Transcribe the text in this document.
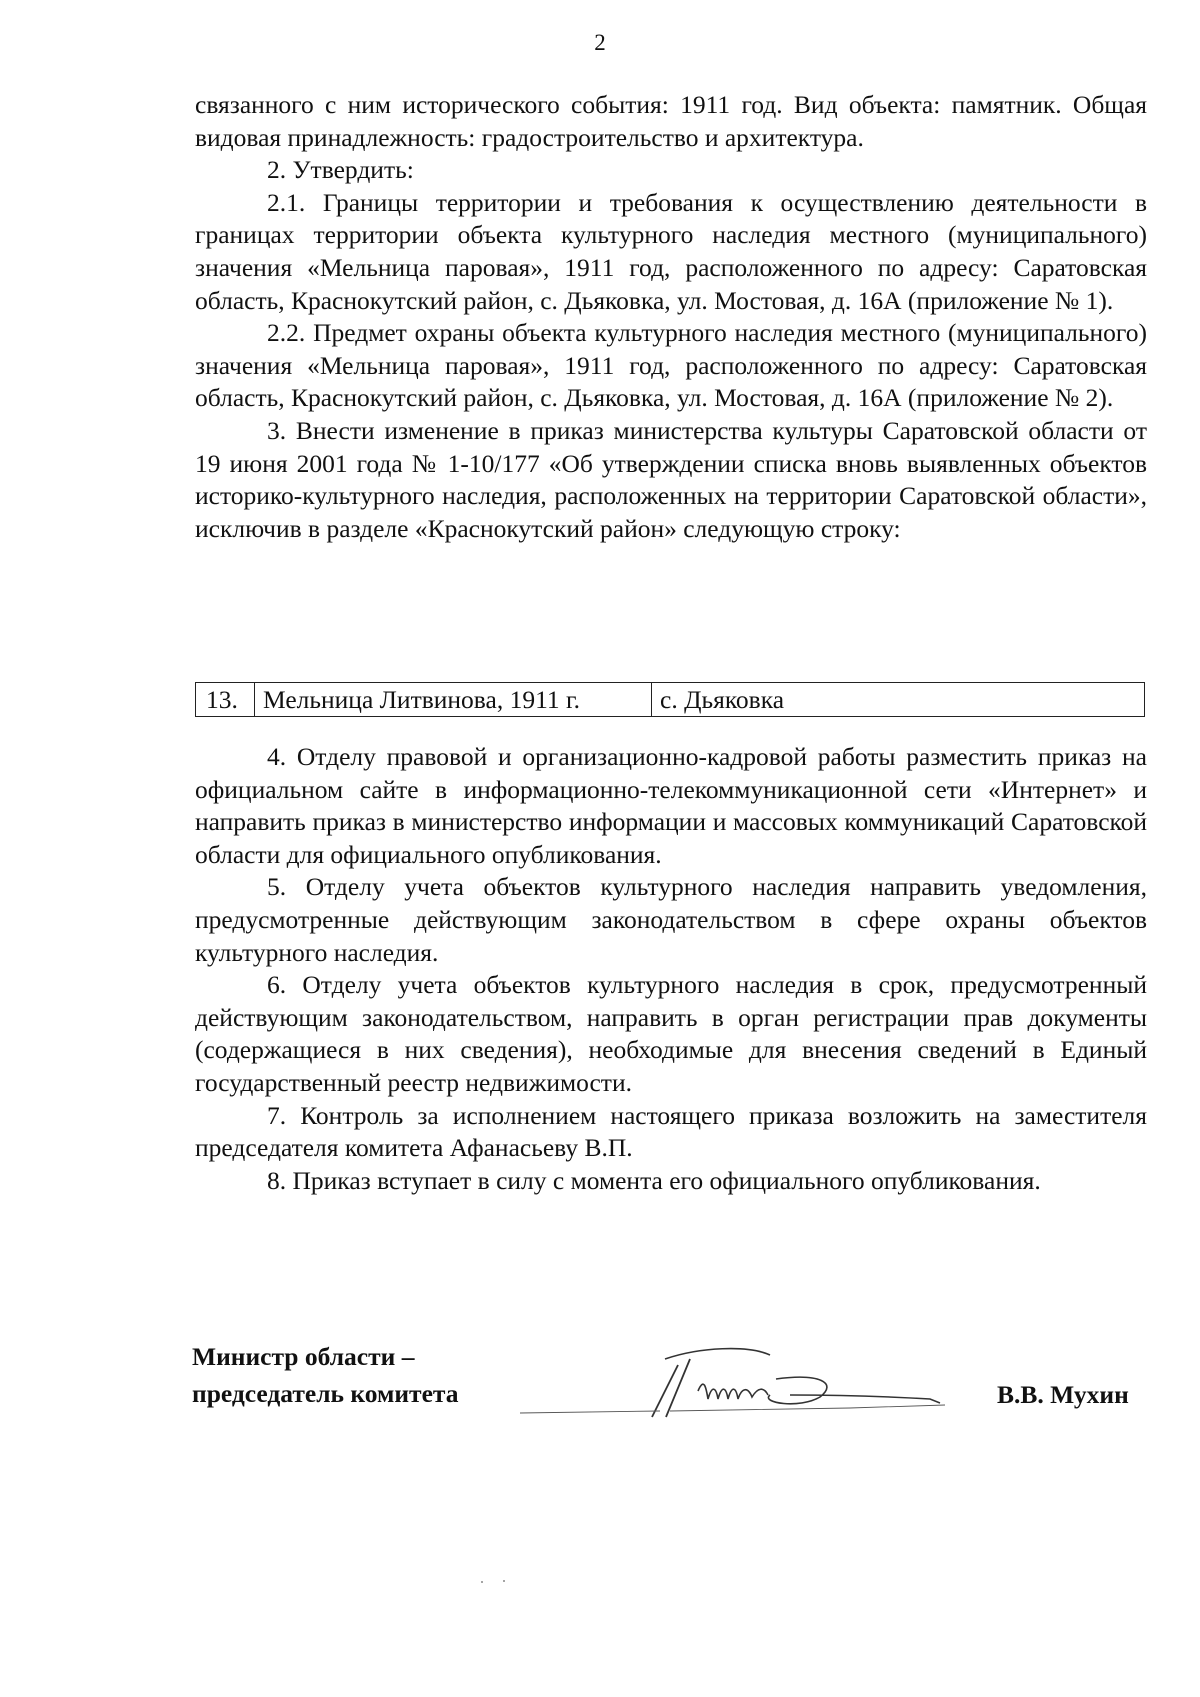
2

связанного с ним исторического события: 1911 год. Вид объекта: памятник. Общая видовая принадлежность: градостроительство и архитектура.

2. Утвердить:

2.1. Границы территории и требования к осуществлению деятельности в границах территории объекта культурного наследия местного (муниципального) значения «Мельница паровая», 1911 год, расположенного по адресу: Саратовская область, Краснокутский район, с. Дьяковка, ул. Мостовая, д. 16А (приложение № 1).

2.2. Предмет охраны объекта культурного наследия местного (муниципального) значения «Мельница паровая», 1911 год, расположенного по адресу: Саратовская область, Краснокутский район, с. Дьяковка, ул. Мостовая, д. 16А (приложение № 2).

3. Внести изменение в приказ министерства культуры Саратовской области от 19 июня 2001 года № 1-10/177 «Об утверждении списка вновь выявленных объектов историко-культурного наследия, расположенных на территории Саратовской области», исключив в разделе «Краснокутский район» следующую строку:

13.	Мельница Литвинова, 1911 г.	с. Дьяковка

4. Отделу правовой и организационно-кадровой работы разместить приказ на официальном сайте в информационно-телекоммуникационной сети «Интернет» и направить приказ в министерство информации и массовых коммуникаций Саратовской области для официального опубликования.

5. Отделу учета объектов культурного наследия направить уведомления, предусмотренные действующим законодательством в сфере охраны объектов культурного наследия.

6. Отделу учета объектов культурного наследия в срок, предусмотренный действующим законодательством, направить в орган регистрации прав документы (содержащиеся в них сведения), необходимые для внесения сведений в Единый государственный реестр недвижимости.

7. Контроль за исполнением настоящего приказа возложить на заместителя председателя комитета Афанасьеву В.П.

8. Приказ вступает в силу с момента его официального опубликования.

Министр области –
председатель комитета	В.В. Мухин
